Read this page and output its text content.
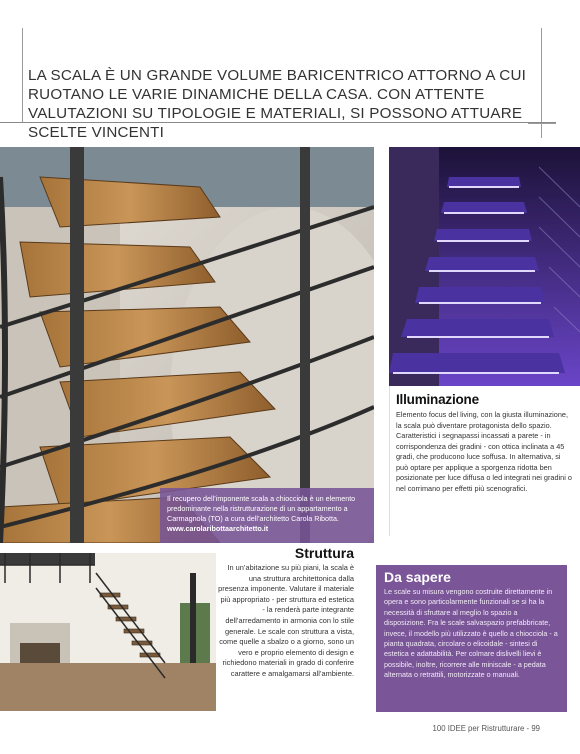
LA SCALA È UN GRANDE VOLUME BARICENTRICO ATTORNO A CUI RUOTANO LE VARIE DINAMICHE DELLA CASA. CON ATTENTE VALUTAZIONI SU TIPOLOGIE E MATERIALI, SI POSSONO ATTUARE SCELTE VINCENTI
Il recupero dell’imponente scala a chiocciola è un elemento predominante nella ristrutturazione di un appartamento a Carmagnola (TO) a cura dell’architetto Carola Ribotta.
www.carolaribottaarchitetto.it
Illuminazione

Elemento focus del living, con la giusta illuminazione, la scala può diventare protagonista dello spazio. Caratteristici i segnapassi incassati a parete - in corrispondenza dei gradini - con ottica inclinata a 45 gradi, che producono luce soffusa. In alternativa, si può optare per applique a sporgenza ridotta ben posizionate per luce diffusa o led integrati nei gradini o nel corrimano per effetti più scenografici.

Struttura

In un’abitazione su più piani, la scala è una struttura architettonica dalla presenza imponente. Valutare il materiale più appropriato - per struttura ed estetica - la renderà parte integrante dell’arredamento in armonia con lo stile generale. Le scale con struttura a vista, come quelle a sbalzo o a giorno, sono un vero e proprio elemento di design e richiedono materiali in grado di conferire carattere e amalgamarsi all’ambiente.

Da sapere

Le scale su misura vengono costruite direttamente in opera e sono particolarmente funzionali se si ha la necessità di sfruttare al meglio lo spazio a disposizione. Fra le scale salvaspazio prefabbricate, invece, il modello più utilizzato è quello a chiocciola - a pianta quadrata, circolare o elicoidale - sintesi di estetica e adattabilità. Per colmare dislivelli lievi è possibile, inoltre, ricorrere alle miniscale - a pedata alternata o retrattili, motorizzate o manuali.

100 IDEE per Ristrutturare - 99
